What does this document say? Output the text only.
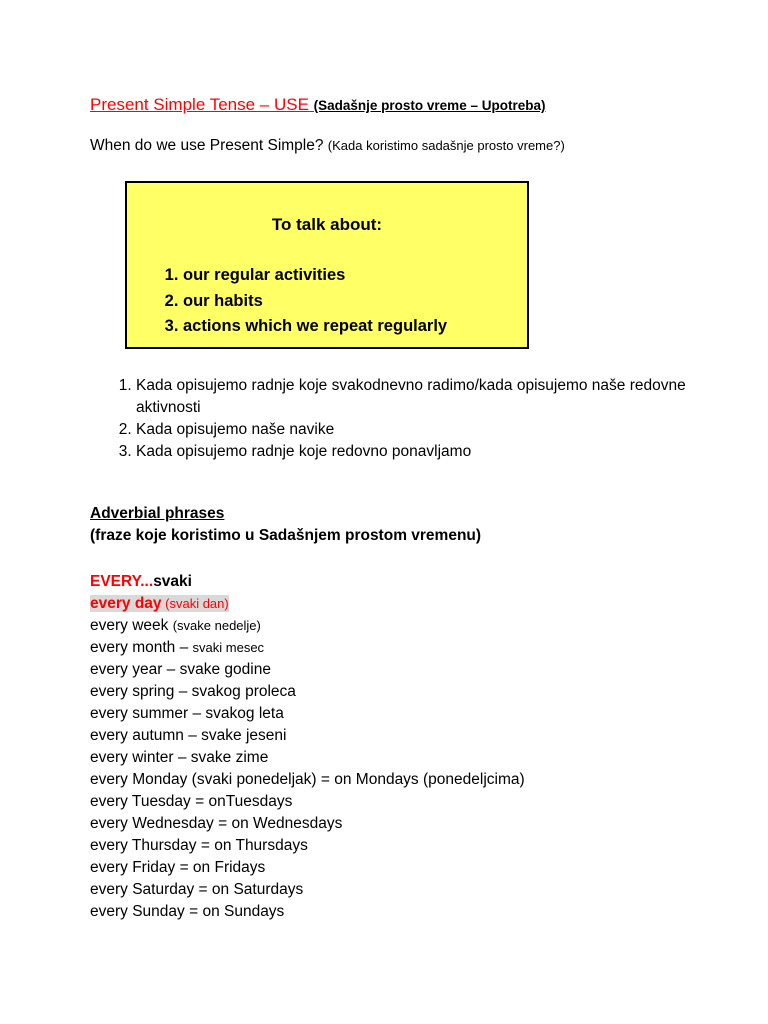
Present Simple Tense – USE (Sadašnje prosto vreme – Upotreba)
When do we use Present Simple? (Kada koristimo sadašnje prosto vreme?)
To talk about:
1. our regular activities
2. our habits
3. actions which we repeat regularly
1. Kada opisujemo radnje koje svakodnevno radimo/kada opisujemo naše redovne aktivnosti
2. Kada opisujemo naše navike
3. Kada opisujemo radnje koje redovno ponavljamo
Adverbial phrases
(fraze koje koristimo u Sadašnjem prostom vremenu)
EVERY...svaki
every day (svaki dan)
every week (svake nedelje)
every month – svaki mesec
every year – svake godine
every spring – svakog proleca
every summer – svakog leta
every autumn – svake jeseni
every winter – svake zime
every Monday (svaki ponedeljak) = on Mondays (ponedeljcima)
every Tuesday = onTuesdays
every Wednesday = on Wednesdays
every Thursday = on Thursdays
every Friday = on Fridays
every Saturday = on Saturdays
every Sunday = on Sundays
